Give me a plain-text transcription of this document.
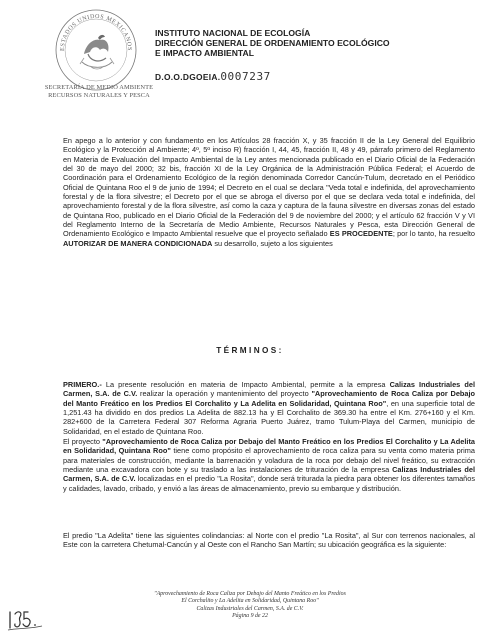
ESTADOS UNIDOS MEXICANOS
SECRETARÍA DE MEDIO AMBIENTE
RECURSOS NATURALES Y PESCA
INSTITUTO NACIONAL DE ECOLOGÍA
DIRECCIÓN GENERAL DE ORDENAMIENTO ECOLÓGICO
E IMPACTO AMBIENTAL
D.O.O.DGOEIA.0007237
En apego a lo anterior y con fundamento en los Artículos 28 fracción X, y 35 fracción II de la Ley General del Equilibrio Ecológico y la Protección al Ambiente; 4º, 5º inciso R) fracción I, 44, 45, fracción II, 48 y 49, párrafo primero del Reglamento en Materia de Evaluación del Impacto Ambiental de la Ley antes mencionada publicado en el Diario Oficial de la Federación del 30 de mayo del 2000; 32 bis, fracción XI de la Ley Orgánica de la Administración Pública Federal; el Acuerdo de Coordinación para el Ordenamiento Ecológico de la región denominada Corredor Cancún-Tulum, decretado en el Periódico Oficial de Quintana Roo el 9 de junio de 1994; el Decreto en el cual se declara "Veda total e indefinida, del aprovechamiento forestal y de la flora silvestre; el Decreto por el que se abroga el diverso por el que se declara veda total e indefinida, del aprovechamiento forestal y de la flora silvestre, así como la caza y captura de la fauna silvestre en diversas zonas del estado de Quintana Roo, publicado en el Diario Oficial de la Federación del 9 de noviembre del 2000; y el artículo 62 fracción V y VI del Reglamento Interno de la Secretaría de Medio Ambiente, Recursos Naturales y Pesca, esta Dirección General de Ordenamiento Ecológico e Impacto Ambiental resuelve que el proyecto señalado ES PROCEDENTE; por lo tanto, ha resuelto AUTORIZAR DE MANERA CONDICIONADA su desarrollo, sujeto a los siguientes
TÉRMINOS:
PRIMERO.- La presente resolución en materia de Impacto Ambiental, permite a la empresa Calizas Industriales del Carmen, S.A. de C.V. realizar la operación y mantenimiento del proyecto "Aprovechamiento de Roca Caliza por Debajo del Manto Freático en los Predios El Corchalito y La Adelita en Solidaridad, Quintana Roo", en una superficie total de 1,251.43 ha dividido en dos predios La Adelita de 882.13 ha y El Corchalito de 369.30 ha entre el Km. 276+160 y el Km. 282+600 de la Carretera Federal 307 Reforma Agraria Puerto Juárez, tramo Tulum-Playa del Carmen, municipio de Solidaridad, en el estado de Quintana Roo.
El proyecto "Aprovechamiento de Roca Caliza por Debajo del Manto Freático en los Predios El Corchalito y La Adelita en Solidaridad, Quintana Roo" tiene como propósito el aprovechamiento de roca caliza para su venta como materia prima para materiales de construcción, mediante la barrenación y voladura de la roca por debajo del nivel freático, su extracción mediante una excavadora con bote y su traslado a las instalaciones de trituración de la empresa Calizas Industriales del Carmen, S.A. de C.V. localizadas en el predio "La Rosita", donde será triturada la piedra para obtener los diferentes tamaños y calidades, lavado, cribado, y envió a las áreas de almacenamiento, previo su embarque y distribución.
El predio "La Adelita" tiene las siguientes colindancias: al Norte con el predio "La Rosita", al Sur con terrenos nacionales, al Este con la carretera Chetumal-Cancún y al Oeste con el Rancho San Martín; su ubicación geográfica es la siguiente:
"Aprovechamiento de Roca Caliza por Debajo del Manto Freático en los Predios
El Corchalito y La Adelita en Solidaridad, Quintana Roo"
Calizas Industriales del Carmen, S.A. de C.V.
Página 9 de 22
